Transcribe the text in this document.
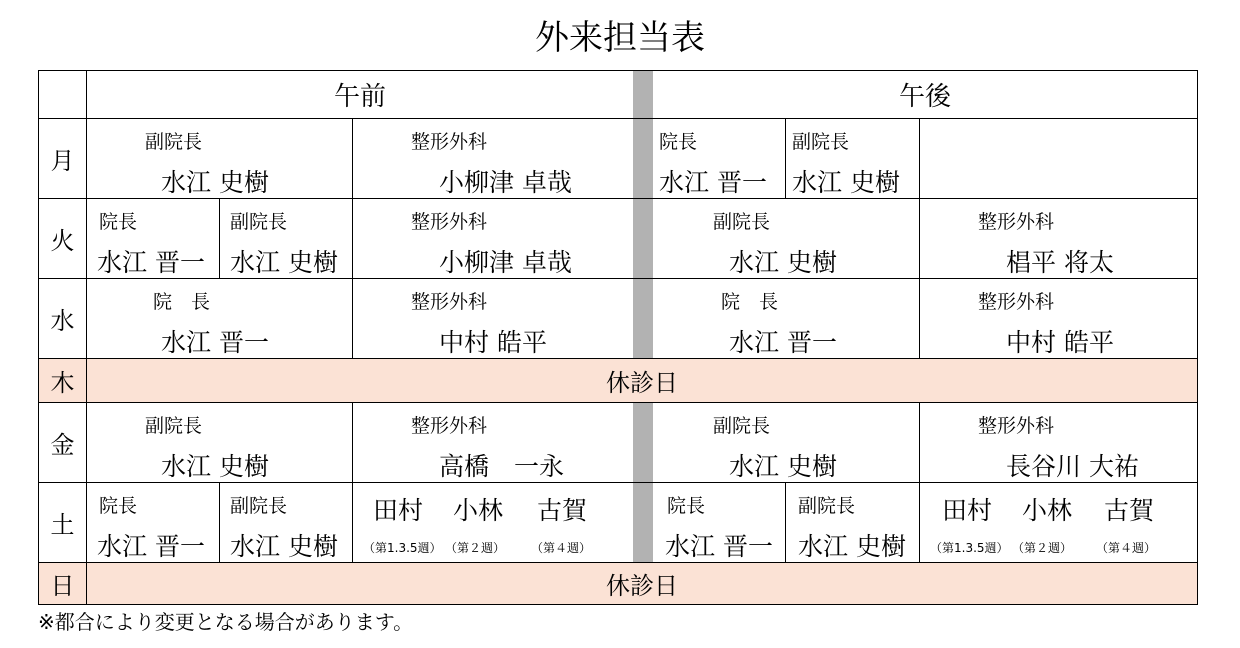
外来担当表
午前	午後
月
火
水
木
金
土
日
休診日
休診日
副院長
水江 史樹
整形外科
小柳津 卓哉
院長
水江 晋一
副院長
水江 史樹
院長
水江 晋一
副院長
水江 史樹
整形外科
小柳津 卓哉
副院長
水江 史樹
整形外科
椙平 将太
院　長
水江 晋一
整形外科
中村 皓平
院　長
水江 晋一
整形外科
中村 皓平
副院長
水江 史樹
整形外科
高橋　一永
副院長
水江 史樹
整形外科
長谷川 大祐
院長
水江 晋一
副院長
水江 史樹
田村 小林 古賀
（第1.3.5週） （第２週） （第４週）
院長
水江 晋一
副院長
水江 史樹
田村 小林 古賀
（第1.3.5週） （第２週） （第４週）
※都合により変更となる場合があります。
